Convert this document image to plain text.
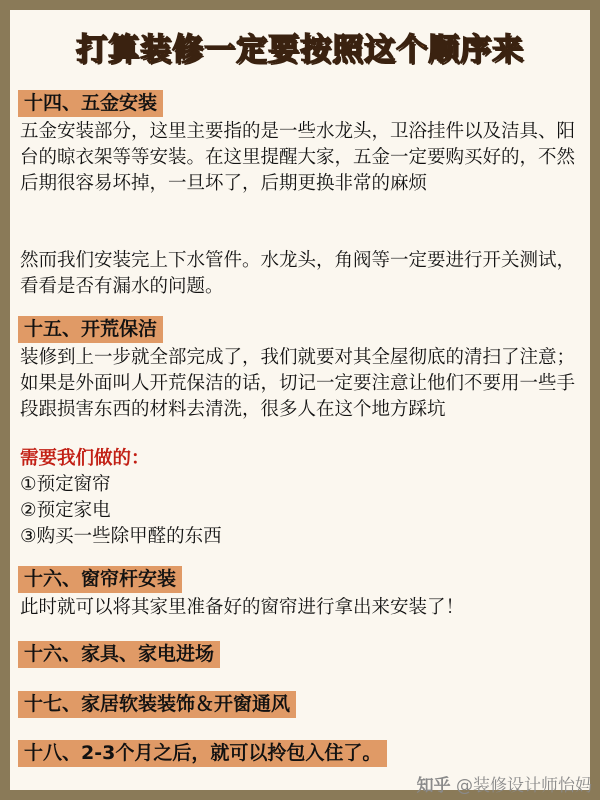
打算装修一定要按照这个顺序来
十四、五金安装

五金安装部分，这里主要指的是一些水龙头，卫浴挂件以及洁具、阳台的晾衣架等等安装。在这里提醒大家，五金一定要购买好的，不然后期很容易坏掉，一旦坏了，后期更换非常的麻烦

然而我们安装完上下水管件。水龙头，角阀等一定要进行开关测试，看看是否有漏水的问题。

十五、开荒保洁

装修到上一步就全部完成了，我们就要对其全屋彻底的清扫了注意；如果是外面叫人开荒保洁的话，切记一定要注意让他们不要用一些手段跟损害东西的材料去清洗，很多人在这个地方踩坑

需要我们做的：
①预定窗帘
②预定家电
③购买一些除甲醛的东西
十六、窗帘杆安装

此时就可以将其家里准备好的窗帘进行拿出来安装了！

十六、家具、家电进场
十七、家居软装装饰＆开窗通风
十八、2-3个月之后，就可以拎包入住了。
知乎 @装修设计师怡妈
